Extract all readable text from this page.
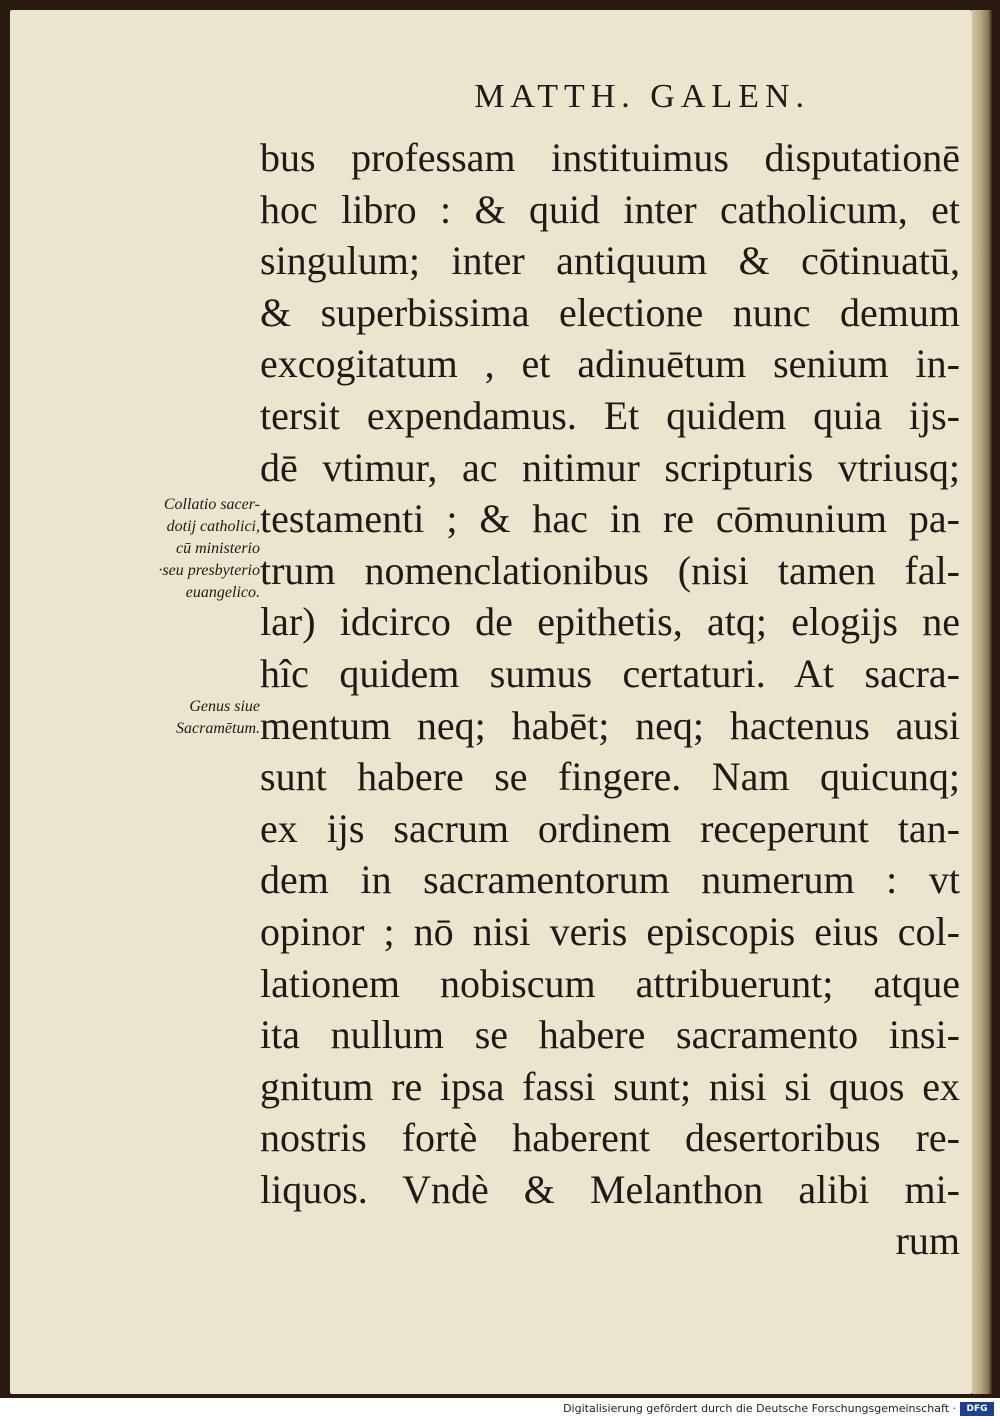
MATTH. GALEN.
Collatio sacer-
dotij catholici,
cū ministerio
·seu presbyterio
euangelico.
Genus siue
Sacramētum.
bus professam instituimus disputationē
hoc libro : & quid inter catholicum, et
singulum; inter antiquum & cōtinuatū,
& superbissima electione nunc demum
excogitatum , et adinuētum senium in-
tersit expendamus. Et quidem quia ijs-
dē vtimur, ac nitimur scripturis vtriusq;
testamenti ; & hac in re cōmunium pa-
trum nomenclationibus (nisi tamen fal-
lar) idcirco de epithetis, atq; elogijs ne
hîc quidem sumus certaturi. At sacra-
mentum neq; habēt; neq; hactenus ausi
sunt habere se fingere. Nam quicunq;
ex ijs sacrum ordinem receperunt tan-
dem in sacramentorum numerum : vt
opinor ; nō nisi veris episcopis eius col-
lationem nobiscum attribuerunt; atque
ita nullum se habere sacramento insi-
gnitum re ipsa fassi sunt; nisi si quos ex
nostris fortè haberent desertoribus re-
liquos. Vndè & Melanthon alibi mi-
rum
Digitalisierung gefördert durch die Deutsche Forschungsgemeinschaft ·	DFG
